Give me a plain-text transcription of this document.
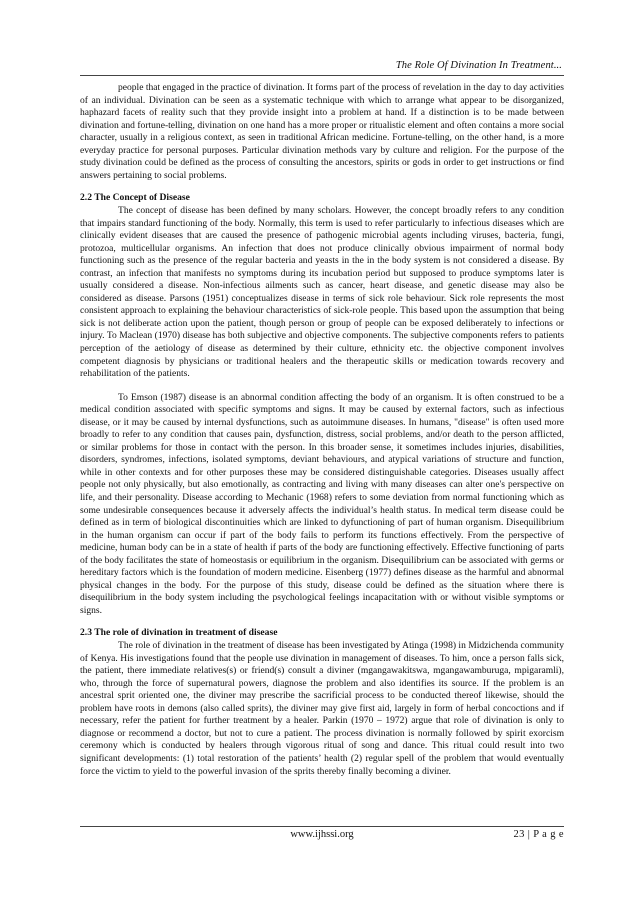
The Role Of Divination In Treatment...

people that engaged in the practice of divination. It forms part of the process of revelation in the day to day activities of an individual. Divination can be seen as a systematic technique with which to arrange what appear to be disorganized, haphazard facets of reality such that they provide insight into a problem at hand. If a distinction is to be made between divination and fortune-telling, divination on one hand has a more proper or ritualistic element and often contains a more social character, usually in a religious context, as seen in traditional African medicine. Fortune-telling, on the other hand, is a more everyday practice for personal purposes. Particular divination methods vary by culture and religion. For the purpose of the study divination could be defined as the process of consulting the ancestors, spirits or gods in order to get instructions or find answers pertaining to social problems.

2.2 The Concept of Disease

The concept of disease has been defined by many scholars. However, the concept broadly refers to any condition that impairs standard functioning of the body. Normally, this term is used to refer particularly to infectious diseases which are clinically evident diseases that are caused the presence of pathogenic microbial agents including viruses, bacteria, fungi, protozoa, multicellular organisms. An infection that does not produce clinically obvious impairment of normal body functioning such as the presence of the regular bacteria and yeasts in the in the body system is not considered a disease. By contrast, an infection that manifests no symptoms during its incubation period but supposed to produce symptoms later is usually considered a disease. Non-infectious ailments such as cancer, heart disease, and genetic disease may also be considered as disease. Parsons (1951) conceptualizes disease in terms of sick role behaviour. Sick role represents the most consistent approach to explaining the behaviour characteristics of sick-role people. This based upon the assumption that being sick is not deliberate action upon the patient, though person or group of people can be exposed deliberately to infections or injury. To Maclean (1970) disease has both subjective and objective components. The subjective components refers to patients perception of the aetiology of disease as determined by their culture, ethnicity etc. the objective component involves competent diagnosis by physicians or traditional healers and the therapeutic skills or medication towards recovery and rehabilitation of the patients.

To Emson (1987) disease is an abnormal condition affecting the body of an organism. It is often construed to be a medical condition associated with specific symptoms and signs. It may be caused by external factors, such as infectious disease, or it may be caused by internal dysfunctions, such as autoimmune diseases. In humans, "disease" is often used more broadly to refer to any condition that causes pain, dysfunction, distress, social problems, and/or death to the person afflicted, or similar problems for those in contact with the person. In this broader sense, it sometimes includes injuries, disabilities, disorders, syndromes, infections, isolated symptoms, deviant behaviours, and atypical variations of structure and function, while in other contexts and for other purposes these may be considered distinguishable categories. Diseases usually affect people not only physically, but also emotionally, as contracting and living with many diseases can alter one's perspective on life, and their personality. Disease according to Mechanic (1968) refers to some deviation from normal functioning which as some undesirable consequences because it adversely affects the individual’s health status. In medical term disease could be defined as in term of biological discontinuities which are linked to dyfunctioning of part of human organism. Disequilibrium in the human organism can occur if part of the body fails to perform its functions effectively. From the perspective of medicine, human body can be in a state of health if parts of the body are functioning effectively. Effective functioning of parts of the body facilitates the state of homeostasis or equilibrium in the organism. Disequilibrium can be associated with germs or hereditary factors which is the foundation of modern medicine. Eisenberg (1977) defines disease as the harmful and abnormal physical changes in the body. For the purpose of this study, disease could be defined as the situation where there is disequilibrium in the body system including the psychological feelings incapacitation with or without visible symptoms or signs.

2.3 The role of divination in treatment of disease

The role of divination in the treatment of disease has been investigated by Atinga (1998) in Midzichenda community of Kenya. His investigations found that the people use divination in management of diseases. To him, once a person falls sick, the patient, there immediate relatives(s) or friend(s) consult a diviner (mgangawakitswa, mgangawamburuga, mpigaramli), who, through the force of supernatural powers, diagnose the problem and also identifies its source. If the problem is an ancestral sprit oriented one, the diviner may prescribe the sacrificial process to be conducted thereof likewise, should the problem have roots in demons (also called sprits), the diviner may give first aid, largely in form of herbal concoctions and if necessary, refer the patient for further treatment by a healer. Parkin (1970 – 1972) argue that role of divination is only to diagnose or recommend a doctor, but not to cure a patient. The process divination is normally followed by spirit exorcism ceremony which is conducted by healers through vigorous ritual of song and dance. This ritual could result into two significant developments: (1) total restoration of the patients’ health (2) regular spell of the problem that would eventually force the victim to yield to the powerful invasion of the sprits thereby finally becoming a diviner.

www.ijhssi.org	23 | P a g e
